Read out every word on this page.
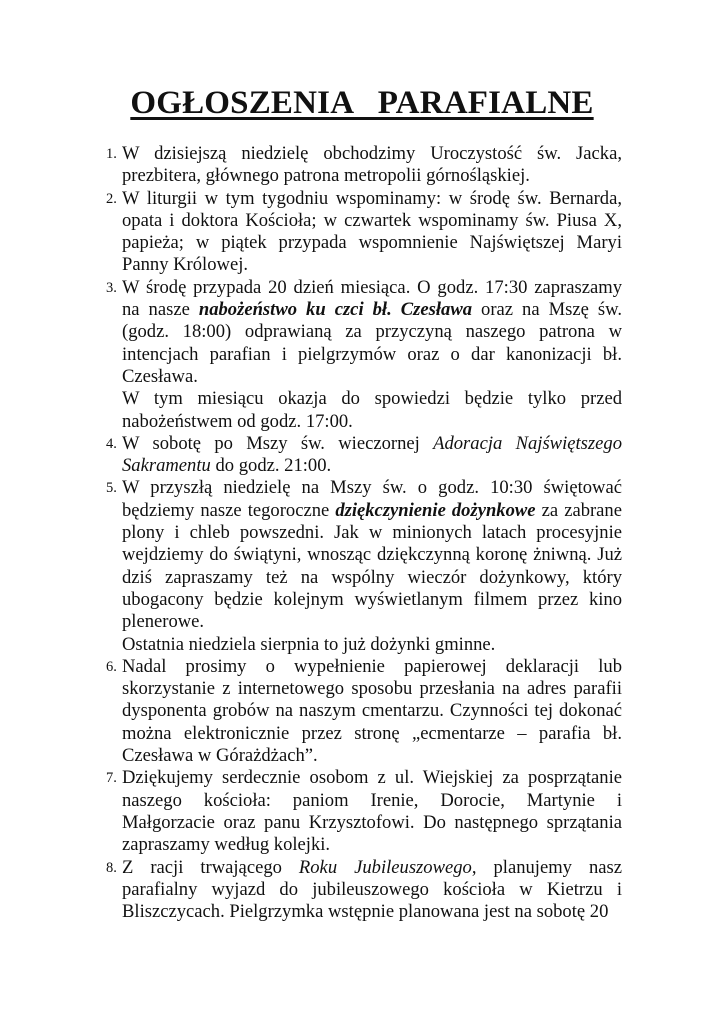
OGŁOSZENIA   PARAFIALNE
1. W dzisiejszą niedzielę obchodzimy Uroczystość św. Jacka,
prezbitera, głównego patrona metropolii górnośląskiej.
2. W liturgii w tym tygodniu wspominamy: w środę św. Bernarda,
opata i doktora Kościoła; w czwartek wspominamy św. Piusa X,
papieża; w piątek przypada wspomnienie Najświętszej Maryi
Panny Królowej.
3. W środę przypada 20 dzień miesiąca. O godz. 17:30 zapraszamy
na nasze nabożeństwo ku czci bł. Czesława oraz na Mszę św.
(godz. 18:00) odprawianą za przyczyną naszego patrona w
intencjach parafian i pielgrzymów oraz o dar kanonizacji bł.
Czesława.
W tym miesiącu okazja do spowiedzi będzie tylko przed
nabożeństwem od godz. 17:00.
4. W sobotę po Mszy św. wieczornej Adoracja Najświętszego
Sakramentu do godz. 21:00.
5. W przyszłą niedzielę na Mszy św. o godz. 10:30 świętować
będziemy nasze tegoroczne dziękczynienie dożynkowe za zabrane
plony i chleb powszedni. Jak w minionych latach procesyjnie
wejdziemy do świątyni, wnosząc dziękczynną koronę żniwną. Już
dziś zapraszamy też na wspólny wieczór dożynkowy, który
ubogacony będzie kolejnym wyświetlanym filmem przez kino
plenerowe.
Ostatnia niedziela sierpnia to już dożynki gminne.
6. Nadal prosimy o wypełnienie papierowej deklaracji lub
skorzystanie z internetowego sposobu przesłania na adres parafii
dysponenta grobów na naszym cmentarzu. Czynności tej dokonać
można elektronicznie przez stronę „ecmentarze – parafia bł.
Czesława w Górażdżach”.
7. Dziękujemy serdecznie osobom z ul. Wiejskiej za posprzątanie
naszego kościoła: paniom Irenie, Dorocie, Martynie i
Małgorzacie oraz panu Krzysztofowi. Do następnego sprzątania
zapraszamy według kolejki.
8. Z racji trwającego Roku Jubileuszowego, planujemy nasz
parafialny wyjazd do jubileuszowego kościoła w Kietrzu i
Bliszczycach. Pielgrzymka wstępnie planowana jest na sobotę 20
